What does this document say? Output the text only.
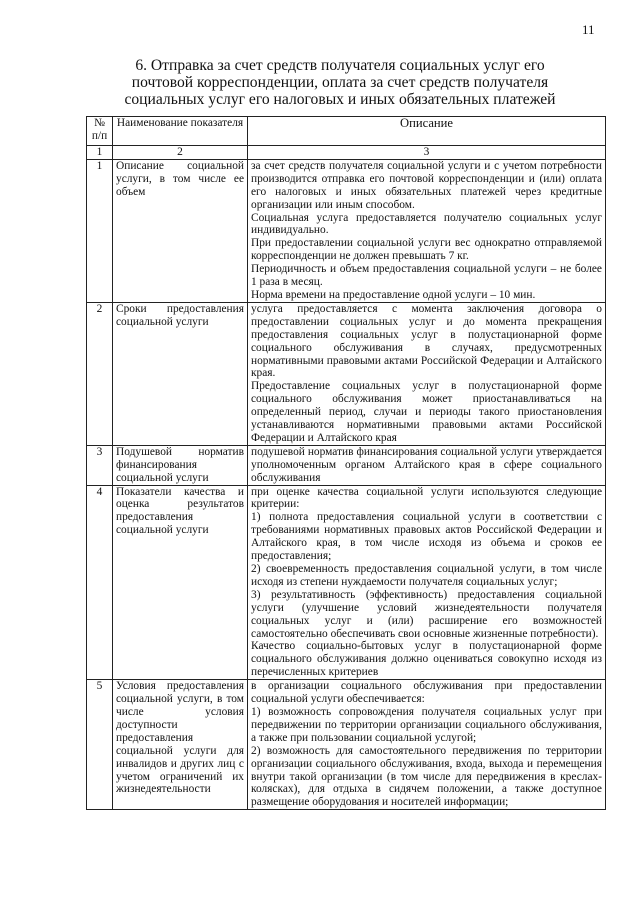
11
6. Отправка за счет средств получателя социальных услуг его
почтовой корреспонденции, оплата за счет средств получателя
социальных услуг его налоговых и иных обязательных платежей
№ п/п	Наименование показателя	Описание
1	2	3
1	Описание социальной услуги, в том числе ее объем	за счет средств получателя социальной услуги и с учетом потребности производится отправка его почтовой корреспонденции и (или) оплата его налоговых и иных обязательных платежей через кредитные организации или иным способом.

Социальная услуга предоставляется получателю социальных услуг индивидуально.

При предоставлении социальной услуги вес однократно отправляемой корреспонденции не должен превышать 7 кг.

Периодичность и объем предоставления социальной услуги – не более 1 раза в месяц.

Норма времени на предоставление одной услуги – 10 мин.

2	Сроки предоставления социальной услуги	услуга предоставляется с момента заключения договора о предоставлении социальных услуг и до момента прекращения предоставления социальных услуг в полустационарной форме социального обслуживания в случаях, предусмотренных нормативными правовыми актами Российской Федерации и Алтайского края.

Предоставление социальных услуг в полустационарной форме социального обслуживания может приостанавливаться на определенный период, случаи и периоды такого приостановления устанавливаются нормативными правовыми актами Российской Федерации и Алтайского края

3	Подушевой норматив финансирования социальной услуги	подушевой норматив финансирования социальной услуги утверждается уполномоченным органом Алтайского края в сфере социального обслуживания

4	Показатели качества и оценка результатов предоставления социальной услуги	при оценке качества социальной услуги используются следующие критерии:

1) полнота предоставления социальной услуги в соответствии с требованиями нормативных правовых актов Российской Федерации и Алтайского края, в том числе исходя из объема и сроков ее предоставления;

2) своевременность предоставления социальной услуги, в том числе исходя из степени нуждаемости получателя социальных услуг;

3) результативность (эффективность) предоставления социальной услуги (улучшение условий жизнедеятельности получателя социальных услуг и (или) расширение его возможностей самостоятельно обеспечивать свои основные жизненные потребности).

Качество социально-бытовых услуг в полустационарной форме социального обслуживания должно оцениваться совокупно исходя из перечисленных критериев

5	Условия предоставления социальной услуги, в том числе условия доступности предоставления социальной услуги для инвалидов и других лиц с учетом ограничений их жизнедеятельности	в организации социального обслуживания при предоставлении социальной услуги обеспечивается:

1) возможность сопровождения получателя социальных услуг при передвижении по территории организации социального обслуживания, а также при пользовании социальной услугой;

2) возможность для самостоятельного передвижения по территории организации социального обслуживания, входа, выхода и перемещения внутри такой организации (в том числе для передвижения в креслах-колясках), для отдыха в сидячем положении, а также доступное размещение оборудования и носителей информации;
